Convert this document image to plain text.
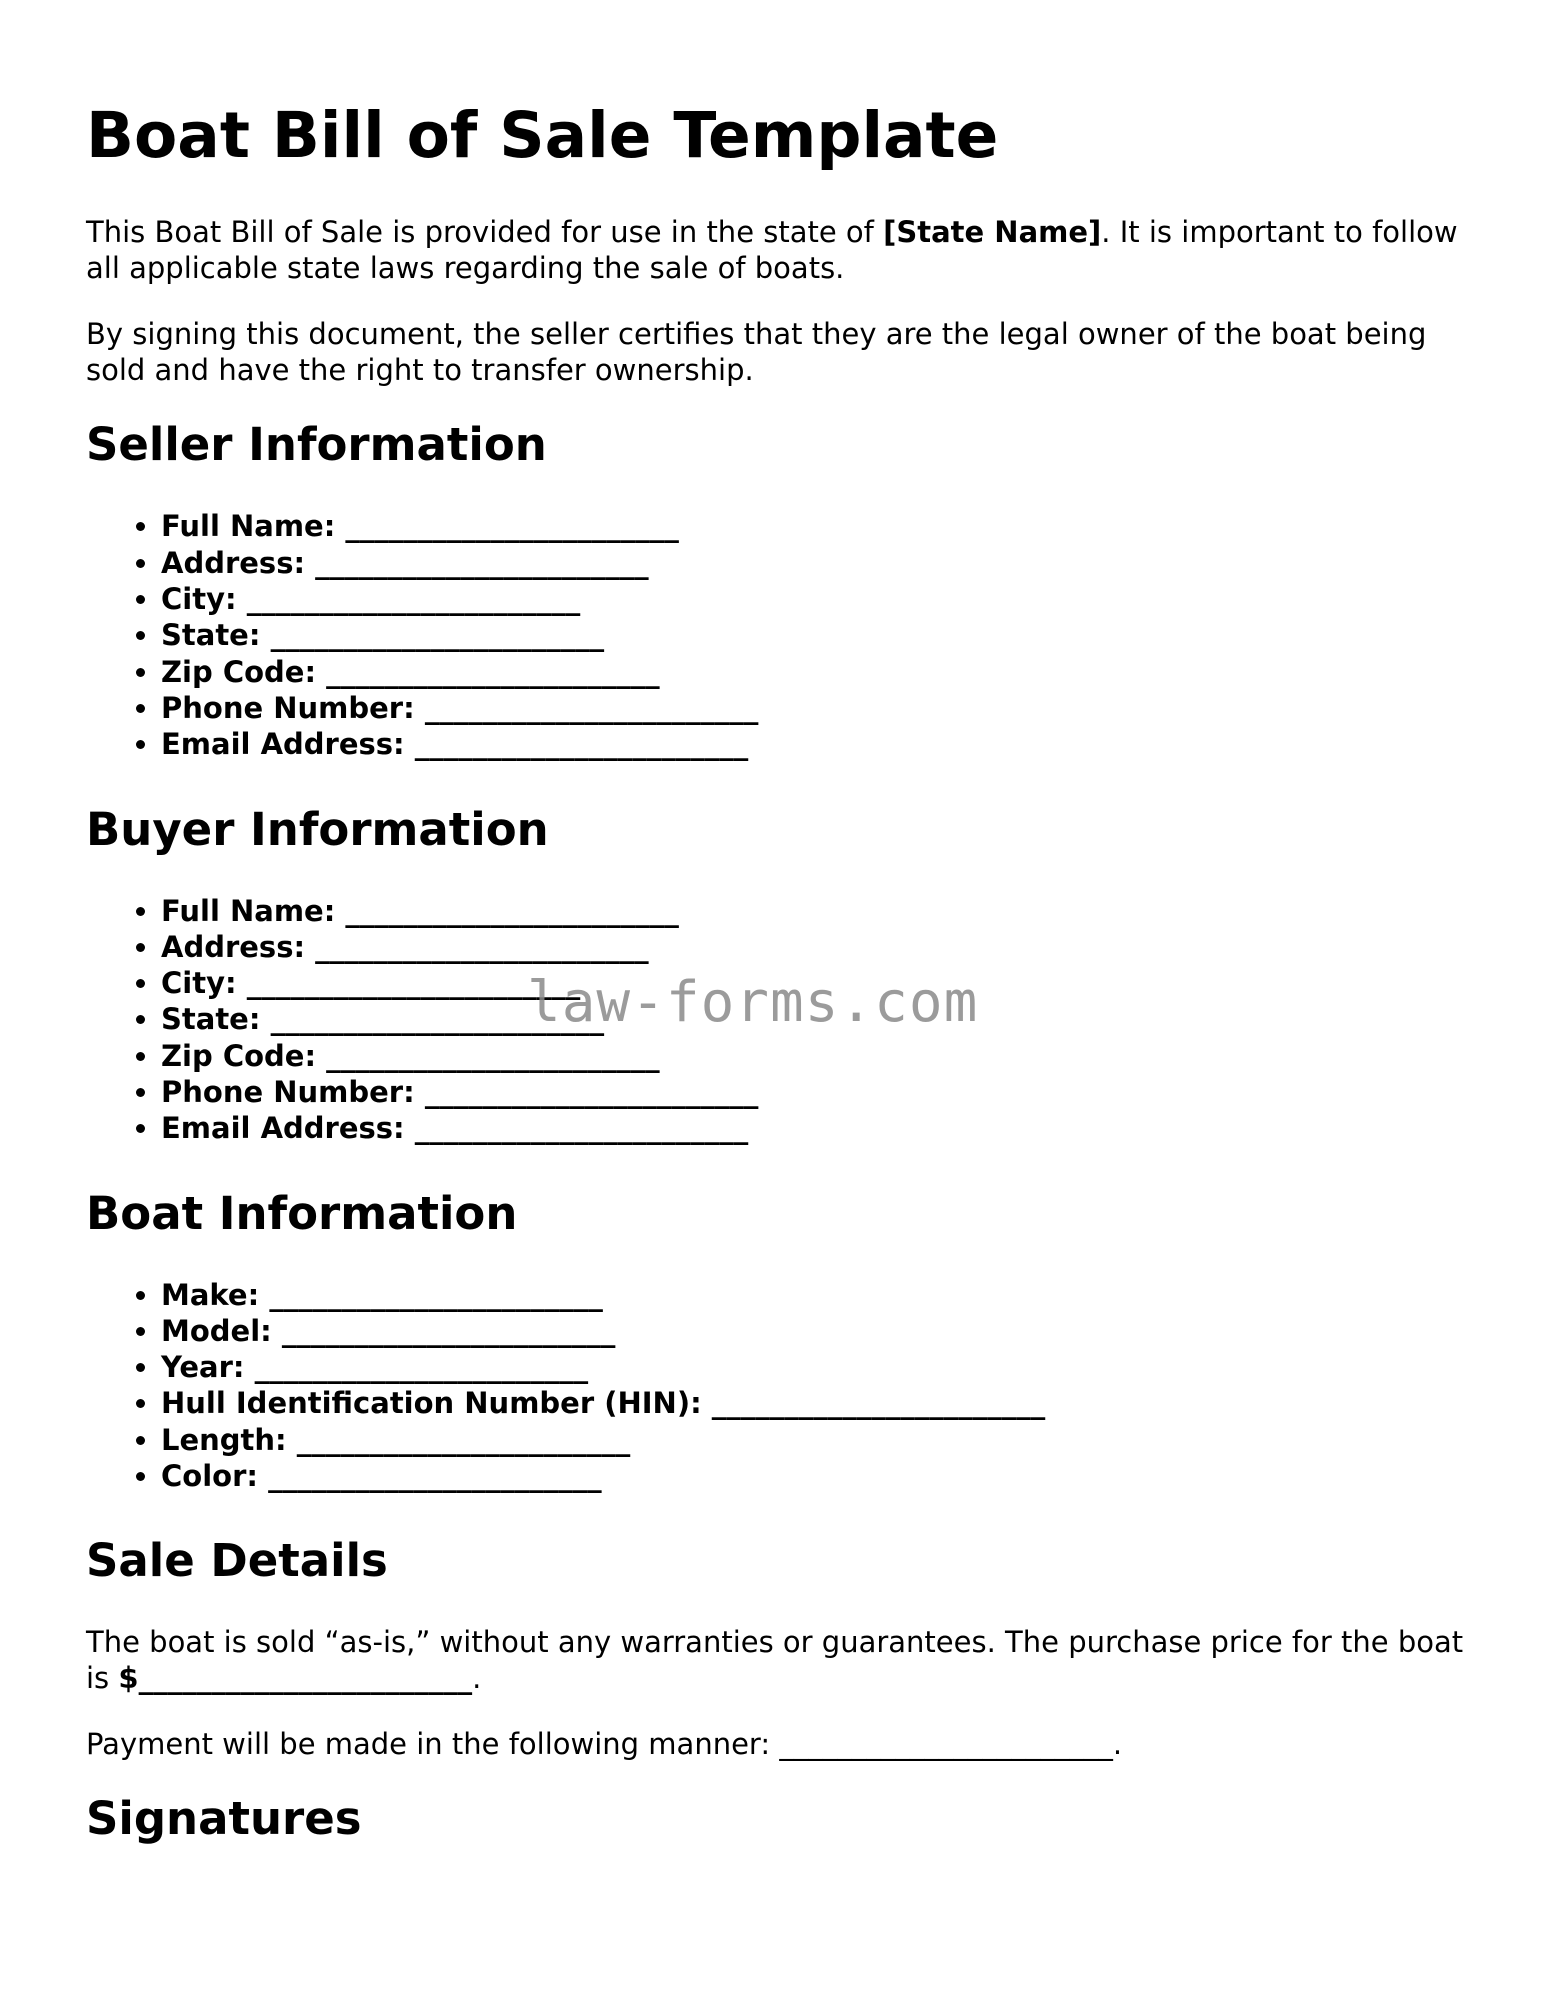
Boat Bill of Sale Template

This Boat Bill of Sale is provided for use in the state of [State Name]. It is important to follow all applicable state laws regarding the sale of boats.

By signing this document, the seller certifies that they are the legal owner of the boat being sold and have the right to transfer ownership.

Seller Information
• Full Name: _______________________
• Address: _______________________
• City: _______________________
• State: _______________________
• Zip Code: _______________________
• Phone Number: _______________________
• Email Address: _______________________
Buyer Information
• Full Name: _______________________
• Address: _______________________
• City: _______________________
• State: _______________________
• Zip Code: _______________________
• Phone Number: _______________________
• Email Address: _______________________
Boat Information
• Make: _______________________
• Model: _______________________
• Year: _______________________
• Hull Identification Number (HIN): _______________________
• Length: _______________________
• Color: _______________________
Sale Details

The boat is sold “as-is,” without any warranties or guarantees. The purchase price for the boat is $_______________________.

Payment will be made in the following manner: _______________________.

Signatures
law-forms.com
